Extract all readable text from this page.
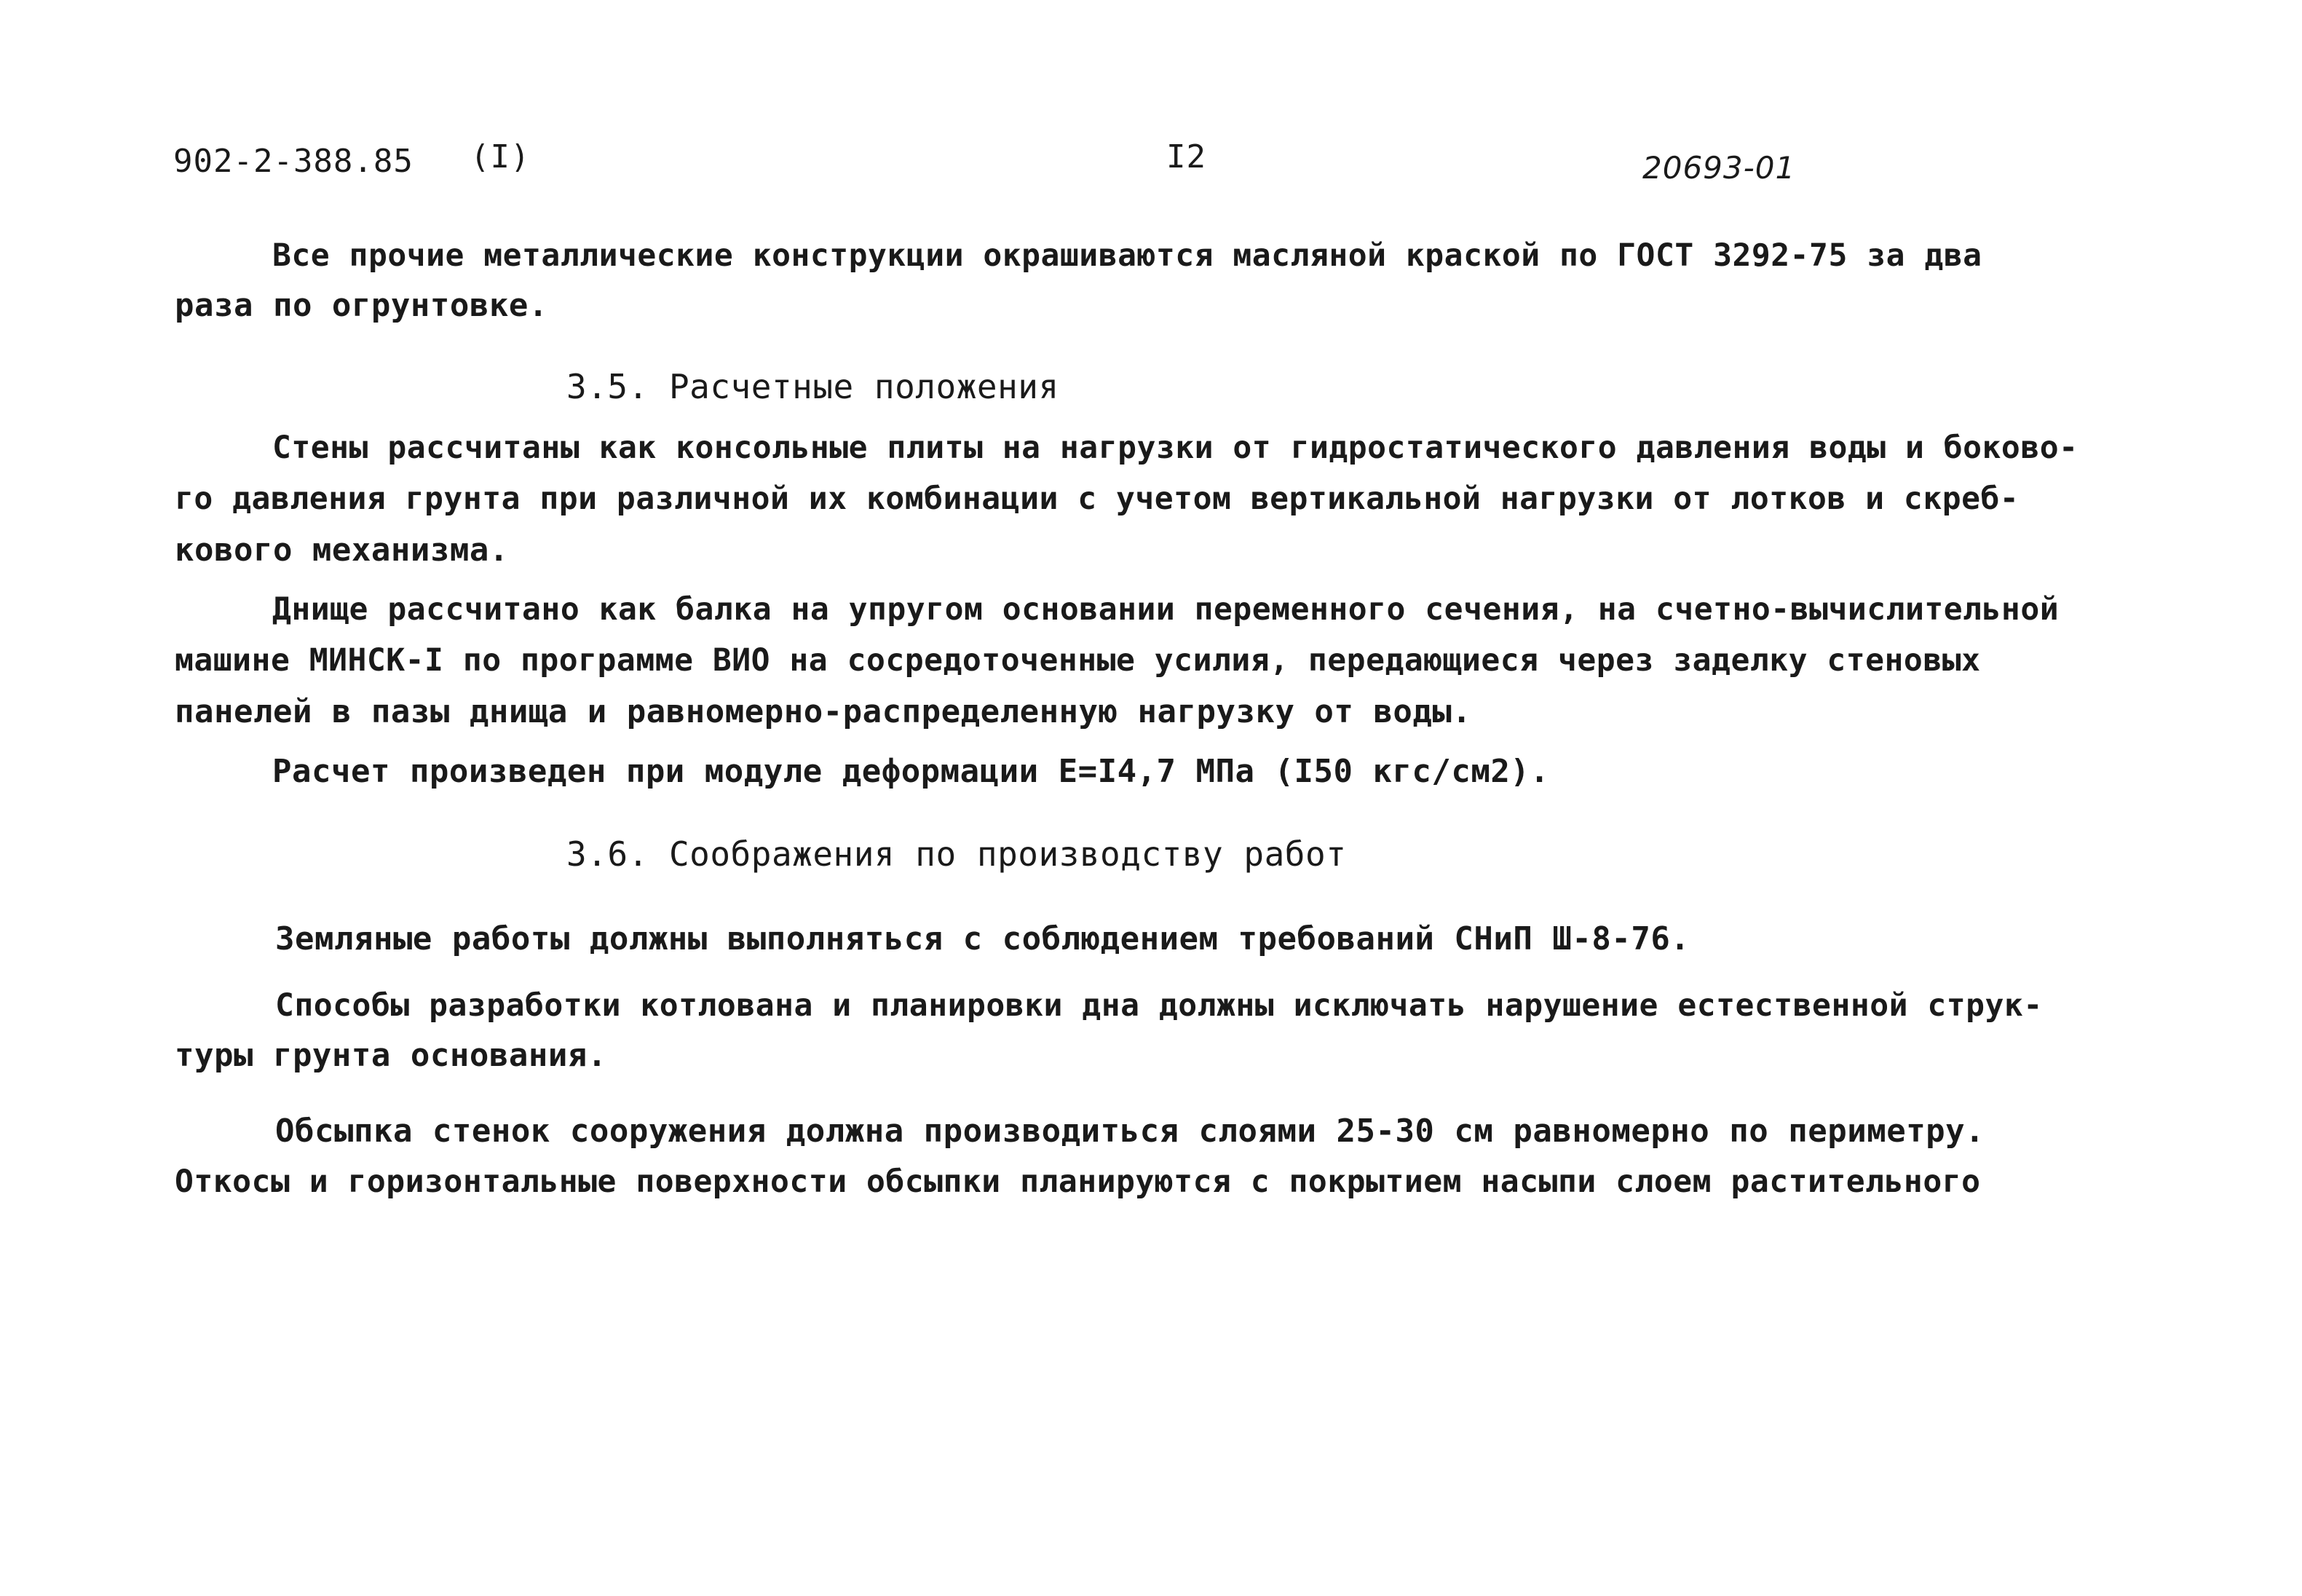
902-2-388.85 (I)	I2	20693-01
Все прочие металлические конструкции окрашиваются масляной краской по ГОСТ 3292-75 за два
раза по огрунтовке.
3.5. Расчетные положения
Стены рассчитаны как консольные плиты на нагрузки от гидростатического давления воды и боково-
го давления грунта при различной их комбинации с учетом вертикальной нагрузки от лотков и скреб-
кового механизма.
Днище рассчитано как балка на упругом основании переменного сечения, на счетно-вычислительной
машине МИНСК-I по программе ВИО на сосредоточенные усилия, передающиеся через заделку стеновых
панелей в пазы днища и равномерно-распределенную нагрузку от воды.
Расчет произведен при модуле деформации Е=I4,7 МПа (I50 кгс/см2).
3.6. Соображения по производству работ
Земляные работы должны выполняться с соблюдением требований СНиП Ш-8-76.
Способы разработки котлована и планировки дна должны исключать нарушение естественной струк-
туры грунта основания.
Обсыпка стенок сооружения должна производиться слоями 25-30 см равномерно по периметру.
Откосы и горизонтальные поверхности обсыпки планируются с покрытием насыпи слоем растительного
